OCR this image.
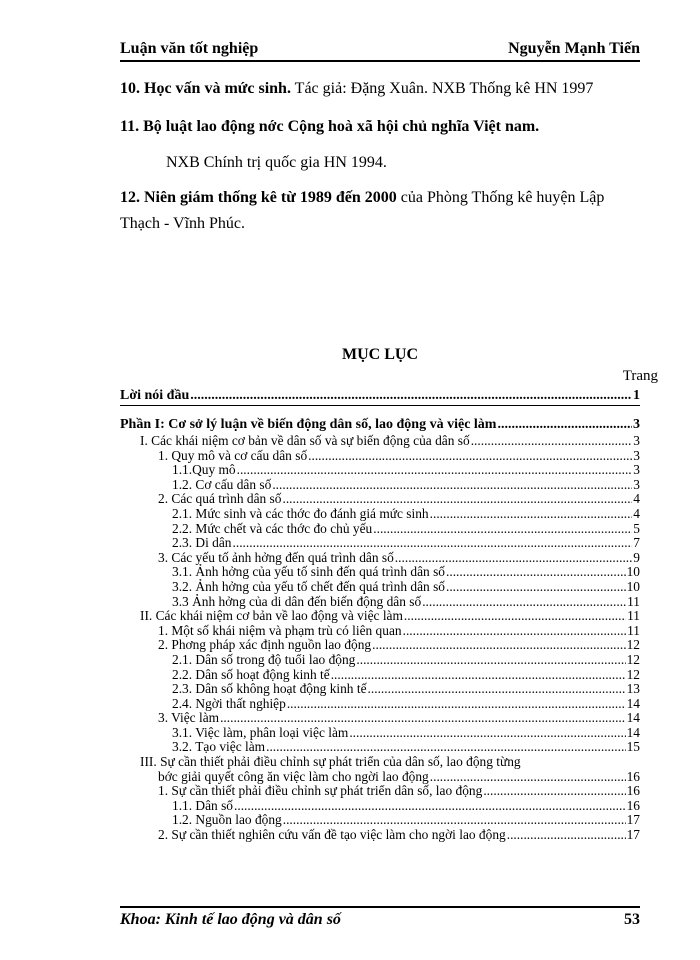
Luận văn tốt nghiệp	Nguyễn Mạnh Tiến
10. Học vấn và mức sinh. Tác giả: Đặng Xuân. NXB Thống kê HN 1997
11. Bộ luật lao động nớc Cộng hoà xã hội chủ nghĩa Việt nam.
NXB Chính trị quốc gia HN 1994.
12. Niên giám thống kê từ 1989 đến 2000 của Phòng Thống kê huyện Lập Thạch - Vĩnh Phúc.
MỤC LỤC
Trang
Lời nói đầu .....	1
Phần I: Cơ sở lý luận về biến động dân số, lao động và việc làm .....	3
I. Các khái niệm cơ bản về dân số và sự biến động của dân số .....	3
1. Quy mô và cơ cấu dân số .....	3
1.1.Quy mô .....	3
1.2. Cơ cấu dân số .....	3
2. Các quá trình dân số .....	4
2.1. Mức sinh và các thớc đo đánh giá mức sinh .....	4
2.2. Mức chết và các thớc đo chủ yếu .....	5
2.3. Di dân .....	7
3. Các yếu tố ảnh hởng đến quá trình dân số .....	9
3.1. Ảnh hởng của yếu tố sinh đến quá trình dân số .....	10
3.2. Ảnh hởng của yếu tố chết đến quá trình dân số .....	10
3.3 Ảnh hởng của di dân đến biến động dân số .....	11
II. Các khái niệm cơ bản về lao động và việc làm .....	11
1. Một số khái niệm và phạm trù có liên quan .....	11
2. Phơng pháp xác định nguồn lao động .....	12
2.1. Dân số trong độ tuổi lao động .....	12
2.2. Dân số hoạt động kinh tế .....	12
2.3. Dân số không hoạt động kinh tế .....	13
2.4. Ngời thất nghiệp .....	14
3. Việc làm .....	14
3.1. Việc làm, phân loại việc làm .....	14
3.2. Tạo việc làm .....	15
III. Sự cần thiết phải điều chỉnh sự phát triển của dân số, lao động từng
bớc giải quyết công ăn việc làm cho ngời lao động .....	16
1. Sự cần thiết phải điều chỉnh sự phát triển dân số, lao động .....	16
1.1. Dân số .....	16
1.2. Nguồn lao động .....	17
2. Sự cần thiết nghiên cứu vấn đề tạo việc làm cho ngời lao động .....	17
Khoa: Kinh tế lao động và dân số	53
